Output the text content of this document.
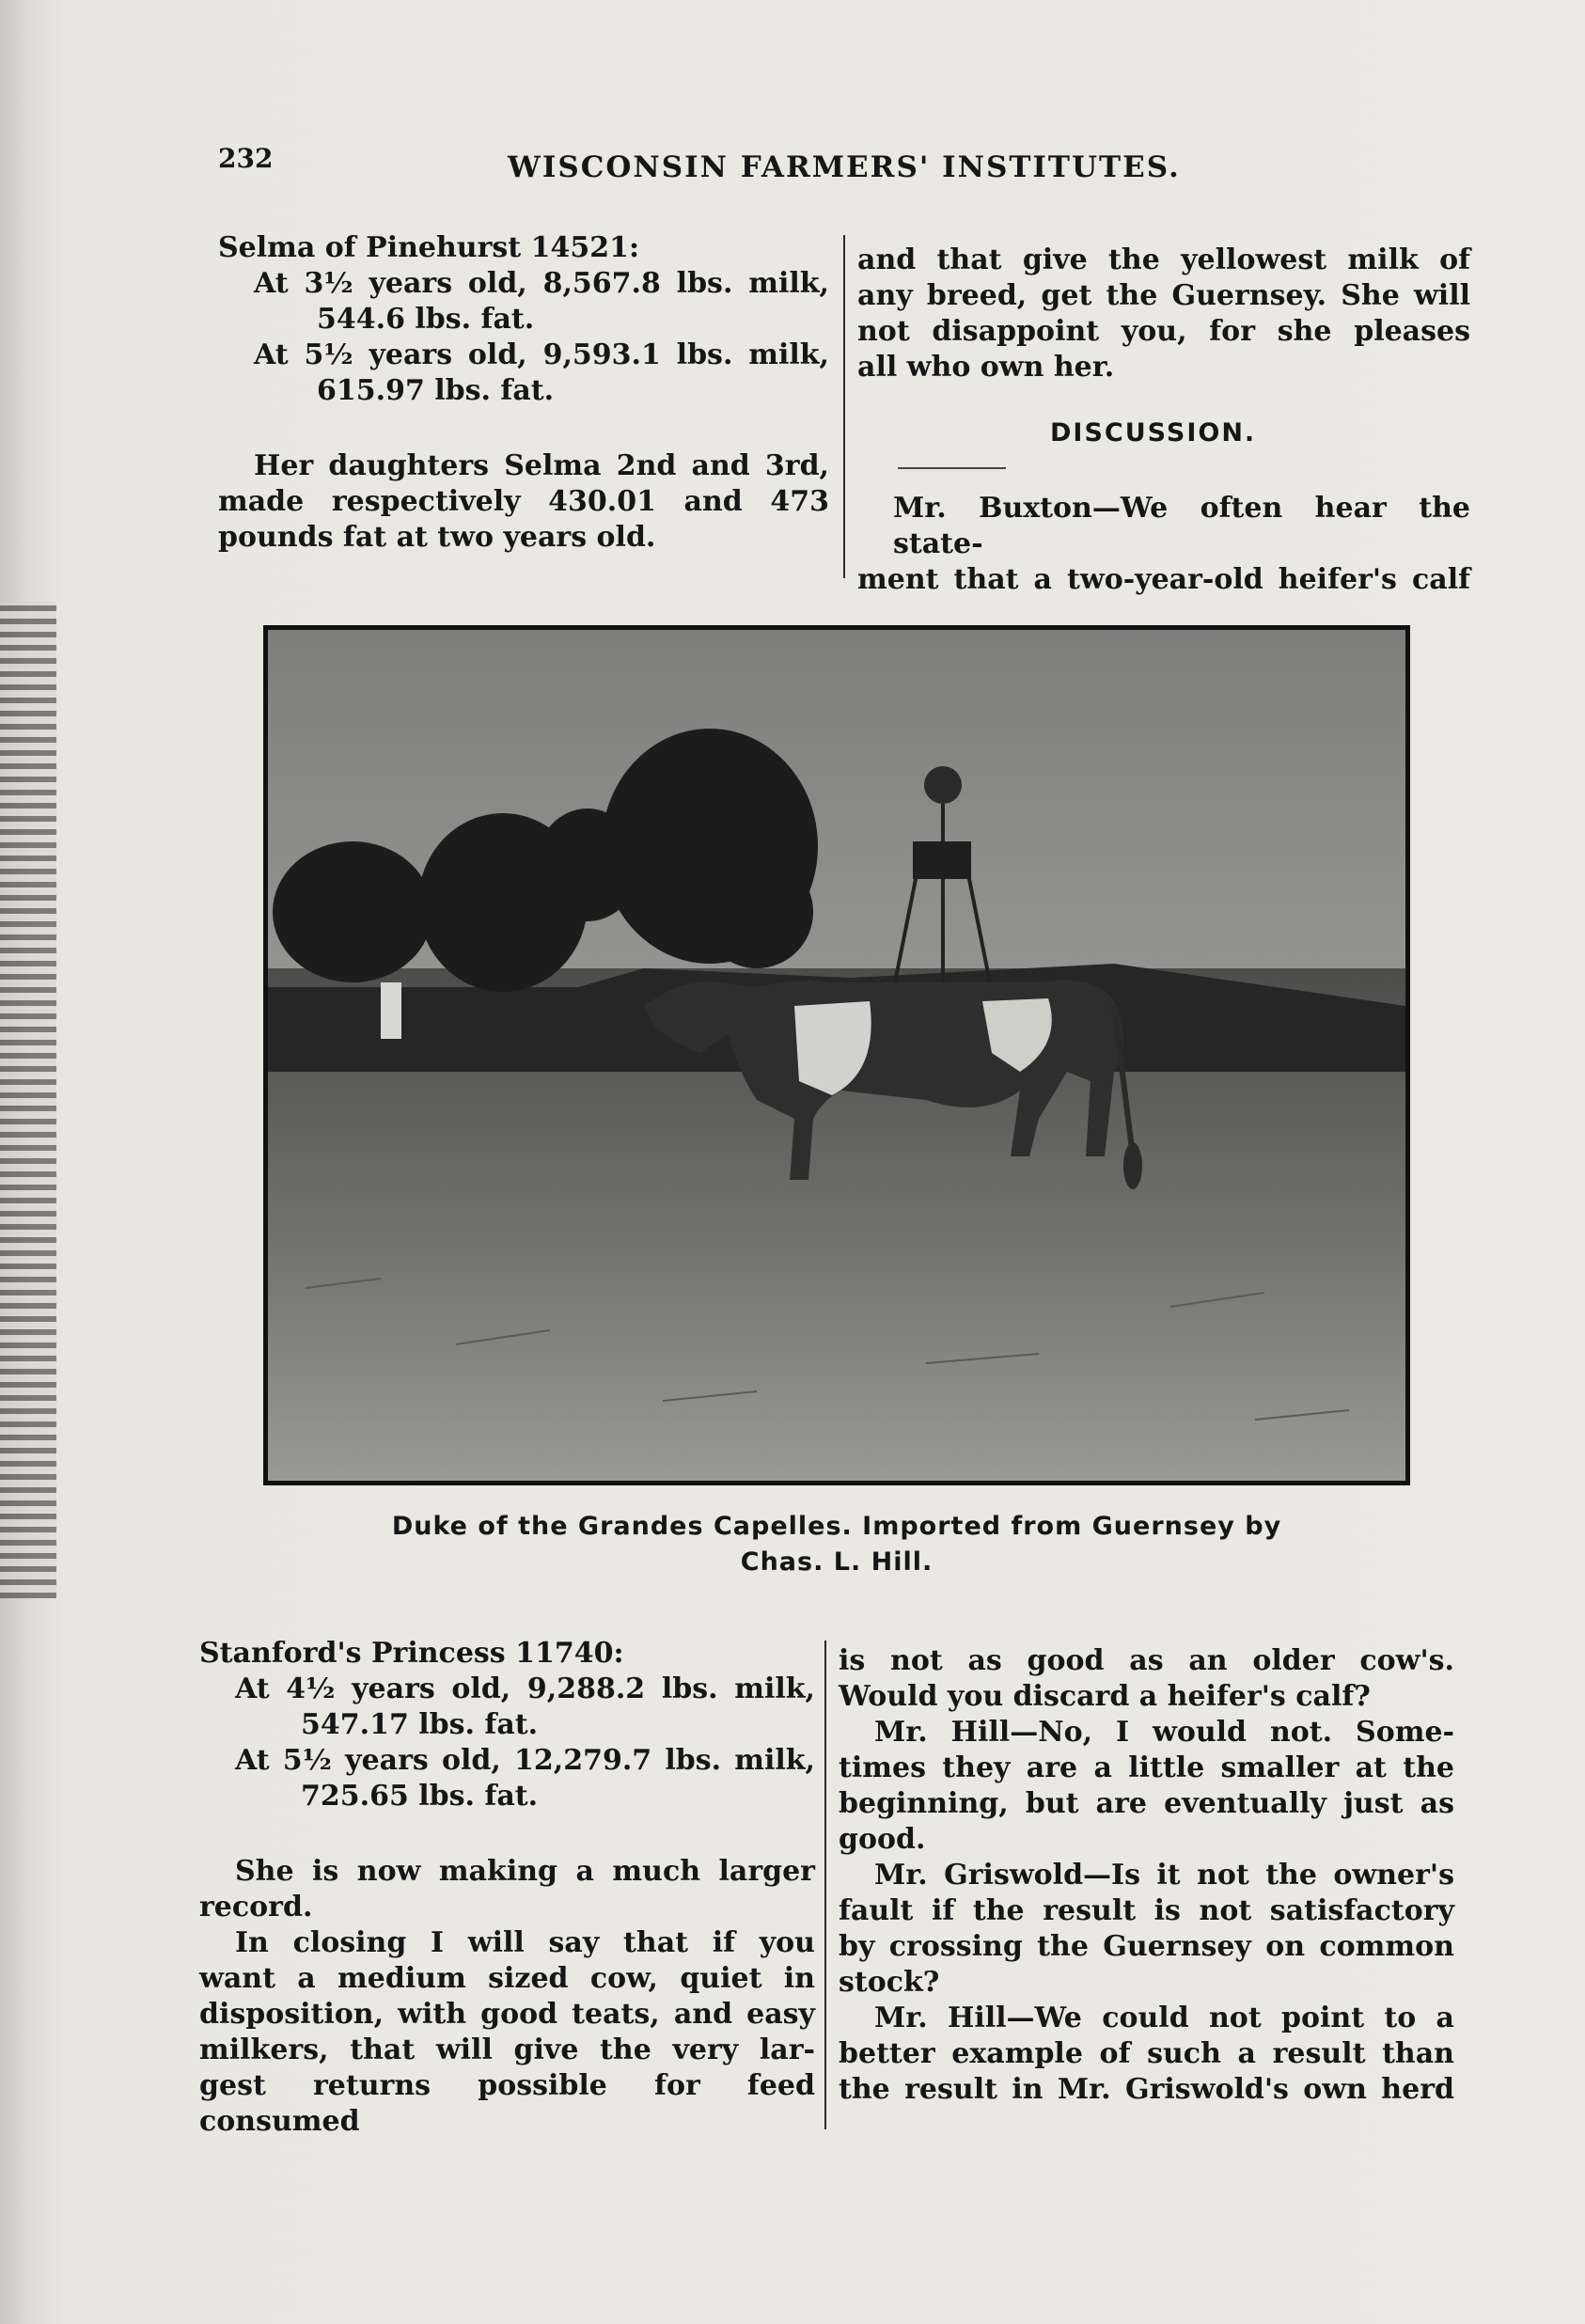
232	WISCONSIN FARMERS' INSTITUTES.

Selma of Pinehurst 14521:

At 3½ years old, 8,567.8 lbs. milk,

544.6 lbs. fat.

At 5½ years old, 9,593.1 lbs. milk,

615.97 lbs. fat.

Her daughters Selma 2nd and 3rd,

made respectively 430.01 and 473

pounds fat at two years old.

and that give the yellowest milk of

any breed, get the Guernsey. She will

not disappoint you, for she pleases

all who own her.

DISCUSSION.

Mr. Buxton—We often hear the state-

ment that a two-year-old heifer's calf

Duke of the Grandes Capelles. Imported from Guernsey by
Chas. L. Hill.

Stanford's Princess 11740:

At 4½ years old, 9,288.2 lbs. milk,

547.17 lbs. fat.

At 5½ years old, 12,279.7 lbs. milk,

725.65 lbs. fat.

She is now making a much larger

record.

In closing I will say that if you

want a medium sized cow, quiet in

disposition, with good teats, and easy

milkers, that will give the very lar-

gest returns possible for feed consumed

is not as good as an older cow's.

Would you discard a heifer's calf?

Mr. Hill—No, I would not. Some-

times they are a little smaller at the

beginning, but are eventually just as

good.

Mr. Griswold—Is it not the owner's

fault if the result is not satisfactory

by crossing the Guernsey on common

stock?

Mr. Hill—We could not point to a

better example of such a result than

the result in Mr. Griswold's own herd
